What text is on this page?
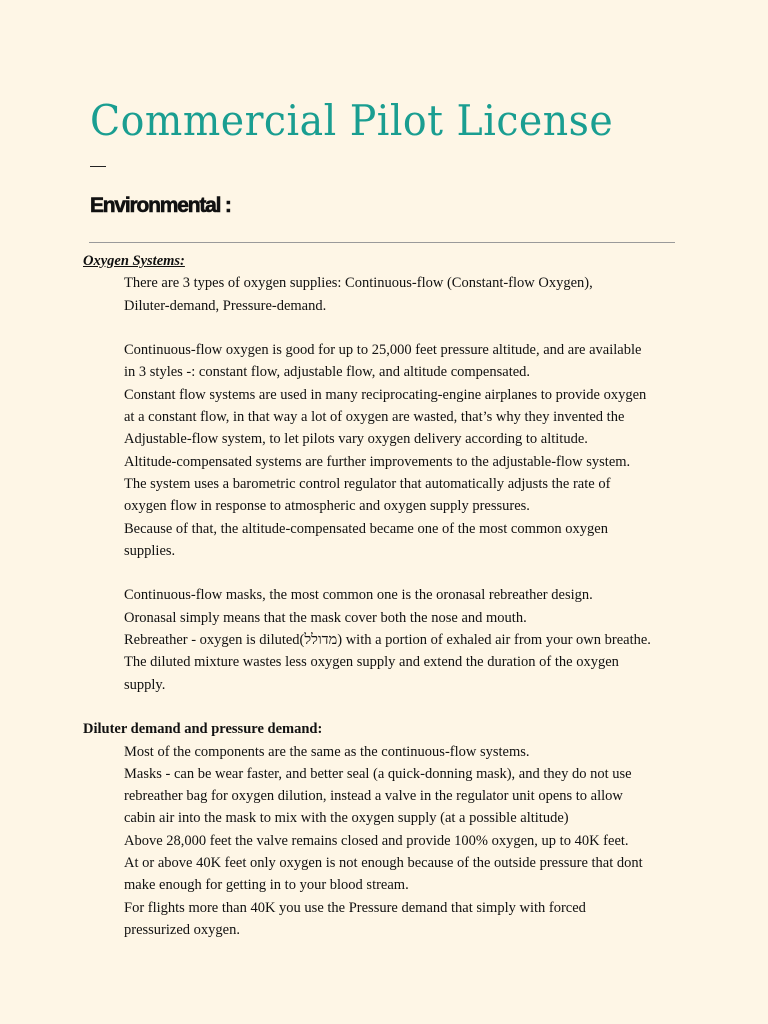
Commercial Pilot License
Environmental :

Oxygen Systems:

There are 3 types of oxygen supplies: Continuous-flow (Constant-flow Oxygen),
Diluter-demand, Pressure-demand.

Continuous-flow oxygen is good for up to 25,000 feet pressure altitude, and are available
in 3 styles -: constant flow, adjustable flow, and altitude compensated.
Constant flow systems are used in many reciprocating-engine airplanes to provide oxygen
at a constant flow, in that way a lot of oxygen are wasted, that’s why they invented the
Adjustable-flow system, to let pilots vary oxygen delivery according to altitude.
Altitude-compensated systems are further improvements to the adjustable-flow system.
The system uses a barometric control regulator that automatically adjusts the rate of
oxygen flow in response to atmospheric and oxygen supply pressures.
Because of that, the altitude-compensated became one of the most common oxygen
supplies.

Continuous-flow masks, the most common one is the oronasal rebreather design.
Oronasal simply means that the mask cover both the nose and mouth.
Rebreather - oxygen is diluted(מדולל) with a portion of exhaled air from your own breathe.
The diluted mixture wastes less oxygen supply and extend the duration of the oxygen
supply.

Diluter demand and pressure demand:

Most of the components are the same as the continuous-flow systems.
Masks - can be wear faster, and better seal (a quick-donning mask), and they do not use
rebreather bag for oxygen dilution, instead a valve in the regulator unit opens to allow
cabin air into the mask to mix with the oxygen supply (at a possible altitude)
Above 28,000 feet the valve remains closed and provide 100% oxygen, up to 40K feet.
At or above 40K feet only oxygen is not enough because of the outside pressure that dont
make enough for getting in to your blood stream.
For flights more than 40K you use the Pressure demand that simply with forced
pressurized oxygen.
